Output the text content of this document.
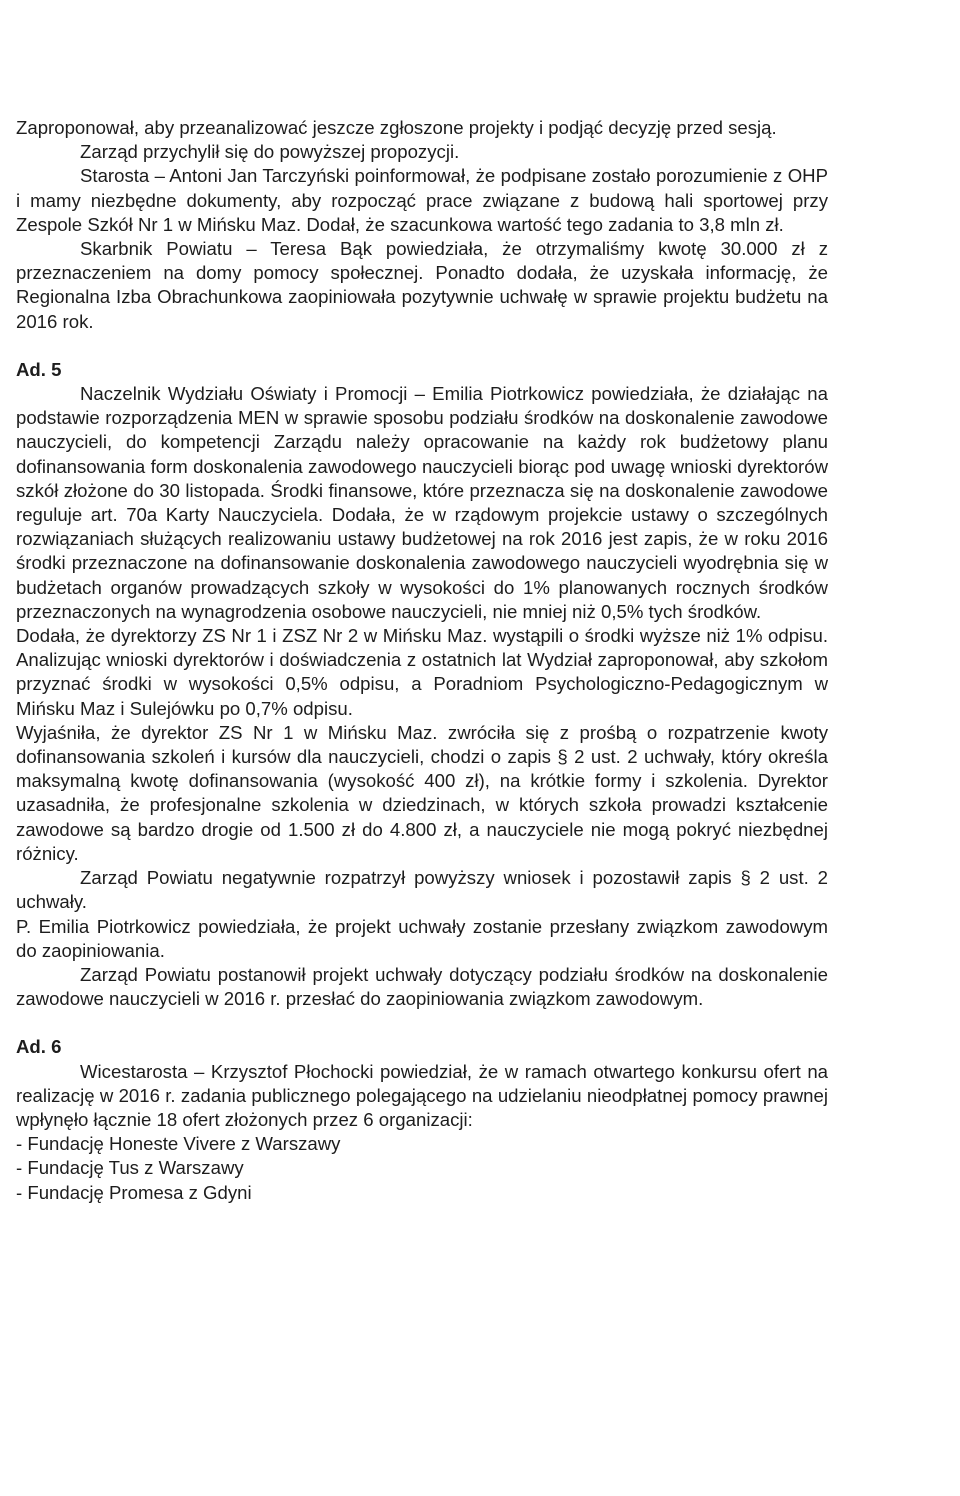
Zaproponował, aby przeanalizować jeszcze zgłoszone projekty i podjąć decyzję przed sesją.

Zarząd przychylił się do powyższej propozycji.

Starosta – Antoni Jan Tarczyński poinformował, że podpisane zostało porozumienie z OHP i mamy niezbędne dokumenty, aby rozpocząć prace związane z budową hali sportowej przy Zespole Szkół Nr 1 w Mińsku Maz. Dodał, że szacunkowa wartość tego zadania to 3,8 mln zł.

Skarbnik Powiatu – Teresa Bąk powiedziała, że otrzymaliśmy kwotę 30.000 zł z przeznaczeniem na domy pomocy społecznej. Ponadto dodała, że uzyskała informację, że Regionalna Izba Obrachunkowa zaopiniowała pozytywnie uchwałę w sprawie projektu budżetu na 2016 rok.

Ad. 5

Naczelnik Wydziału Oświaty i Promocji – Emilia Piotrkowicz powiedziała, że działając na podstawie rozporządzenia MEN w sprawie sposobu podziału środków na doskonalenie zawodowe nauczycieli, do kompetencji Zarządu należy opracowanie na każdy rok budżetowy planu dofinansowania form doskonalenia zawodowego nauczycieli biorąc pod uwagę wnioski dyrektorów szkół złożone do 30 listopada. Środki finansowe, które przeznacza się na doskonalenie zawodowe reguluje art. 70a Karty Nauczyciela. Dodała, że w rządowym projekcie ustawy o szczególnych rozwiązaniach służących realizowaniu ustawy budżetowej na rok 2016 jest zapis, że w roku 2016 środki przeznaczone na dofinansowanie doskonalenia zawodowego nauczycieli wyodrębnia się w budżetach organów prowadzących szkoły w wysokości do 1% planowanych rocznych środków przeznaczonych na wynagrodzenia osobowe nauczycieli, nie mniej niż 0,5% tych środków.

Dodała, że dyrektorzy ZS Nr 1 i ZSZ Nr 2 w Mińsku Maz. wystąpili o środki wyższe niż 1% odpisu. Analizując wnioski dyrektorów i doświadczenia z ostatnich lat Wydział zaproponował, aby szkołom przyznać środki w wysokości 0,5% odpisu, a Poradniom Psychologiczno-Pedagogicznym w Mińsku Maz i Sulejówku po 0,7% odpisu.

Wyjaśniła, że dyrektor ZS Nr 1 w Mińsku Maz. zwróciła się z prośbą o rozpatrzenie kwoty dofinansowania szkoleń i kursów dla nauczycieli, chodzi o zapis § 2 ust. 2 uchwały, który określa maksymalną kwotę dofinansowania (wysokość 400 zł), na krótkie formy i szkolenia. Dyrektor uzasadniła, że profesjonalne szkolenia w dziedzinach, w których szkoła prowadzi kształcenie zawodowe są bardzo drogie od 1.500 zł do 4.800 zł, a nauczyciele nie mogą pokryć niezbędnej różnicy.

Zarząd Powiatu negatywnie rozpatrzył powyższy wniosek i pozostawił zapis § 2 ust. 2 uchwały.

P. Emilia Piotrkowicz powiedziała, że projekt uchwały zostanie przesłany związkom zawodowym do zaopiniowania.

Zarząd Powiatu postanowił projekt uchwały dotyczący podziału środków na doskonalenie zawodowe nauczycieli w 2016 r. przesłać do zaopiniowania związkom zawodowym.

Ad. 6

Wicestarosta – Krzysztof Płochocki powiedział, że w ramach otwartego konkursu ofert na realizację w 2016 r. zadania publicznego polegającego na udzielaniu nieodpłatnej pomocy prawnej wpłynęło łącznie 18 ofert złożonych przez 6 organizacji:

- Fundację Honeste Vivere z Warszawy

- Fundację Tus z Warszawy

- Fundację Promesa z Gdyni
